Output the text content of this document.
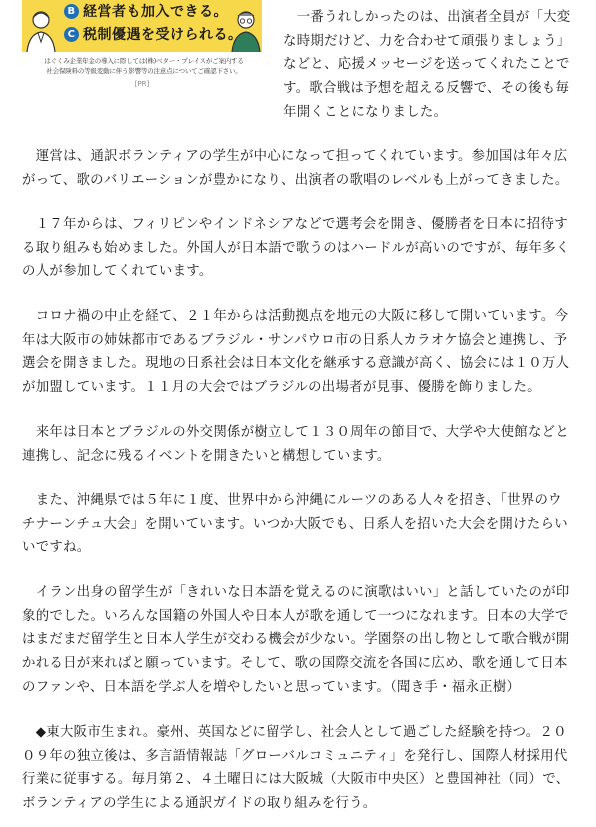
B 経営者も加入できる。
C 税制優遇を受けられる。
はぐくみ企業年金の導入に際しては(株)ベター・プレイスがご案内する
社会保険料の等級変動に伴う影響等の注意点についてご確認下さい。
[PR]
　一番うれしかったのは、出演者全員が「大変
な時期だけど、力を合わせて頑張りましょう」
などと、応援メッセージを送ってくれたことで
す。歌合戦は予想を超える反響で、その後も毎
年開くことになりました。
　運営は、通訳ボランティアの学生が中心になって担ってくれています。参加国は年々広
がって、歌のバリエーションが豊かになり、出演者の歌唱のレベルも上がってきました。
　１７年からは、フィリピンやインドネシアなどで選考会を開き、優勝者を日本に招待す
る取り組みも始めました。外国人が日本語で歌うのはハードルが高いのですが、毎年多く
の人が参加してくれています。
　コロナ禍の中止を経て、２１年からは活動拠点を地元の大阪に移して開いています。今
年は大阪市の姉妹都市であるブラジル・サンパウロ市の日系人カラオケ協会と連携し、予
選会を開きました。現地の日系社会は日本文化を継承する意識が高く、協会には１０万人
が加盟しています。１１月の大会ではブラジルの出場者が見事、優勝を飾りました。
　来年は日本とブラジルの外交関係が樹立して１３０周年の節目で、大学や大使館などと
連携し、記念に残るイベントを開きたいと構想しています。
　また、沖縄県では５年に１度、世界中から沖縄にルーツのある人々を招き、「世界のウ
チナーンチュ大会」を開いています。いつか大阪でも、日系人を招いた大会を開けたらい
いですね。
　イラン出身の留学生が「きれいな日本語を覚えるのに演歌はいい」と話していたのが印
象的でした。いろんな国籍の外国人や日本人が歌を通して一つになれます。日本の大学で
はまだまだ留学生と日本人学生が交わる機会が少ない。学園祭の出し物として歌合戦が開
かれる日が来ればと願っています。そして、歌の国際交流を各国に広め、歌を通して日本
のファンや、日本語を学ぶ人を増やしたいと思っています。（聞き手・福永正樹）
　◆東大阪市生まれ。豪州、英国などに留学し、社会人として過ごした経験を持つ。２０
０９年の独立後は、多言語情報誌「グローバルコミュニティ」を発行し、国際人材採用代
行業に従事する。毎月第２、４土曜日には大阪城（大阪市中央区）と豊国神社（同）で、
ボランティアの学生による通訳ガイドの取り組みを行う。
